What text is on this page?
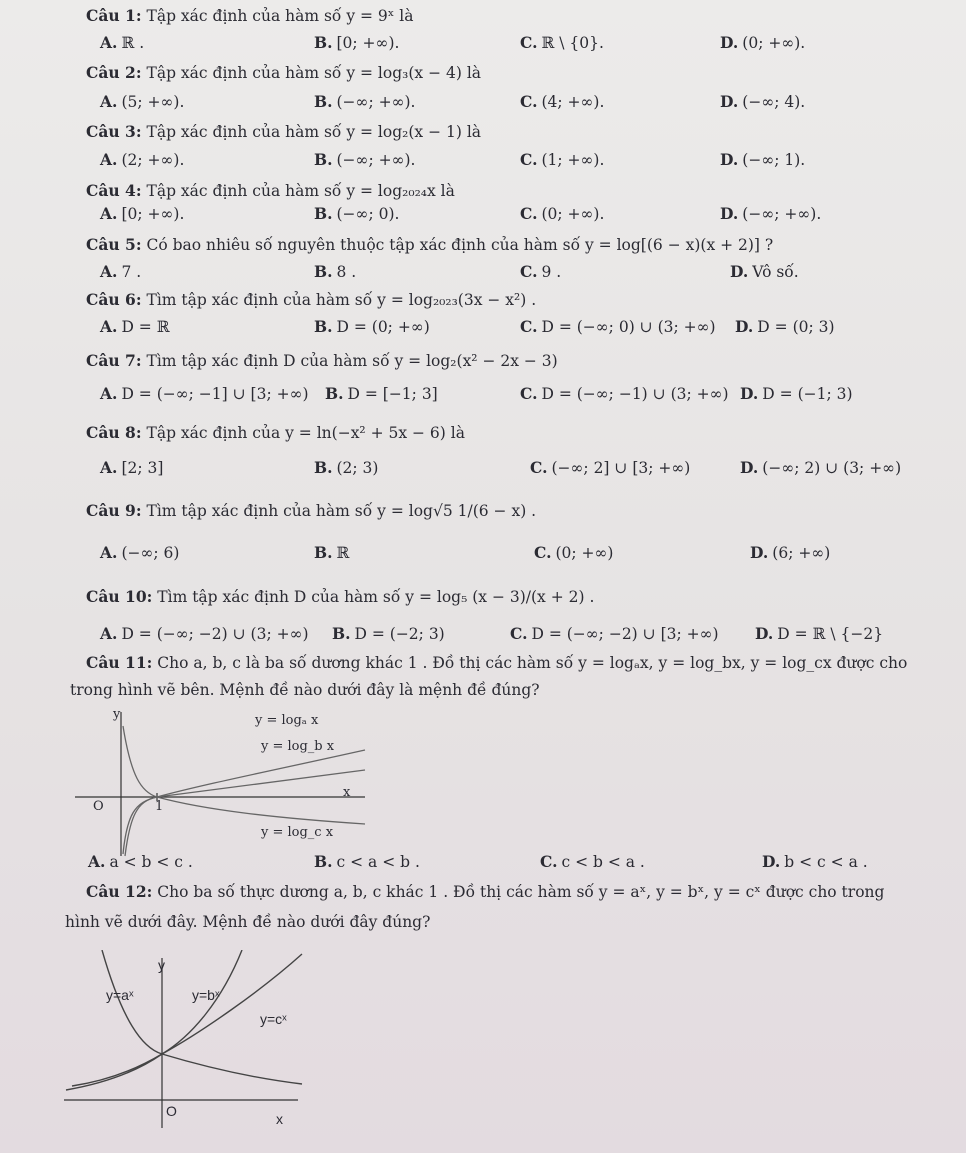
Câu 1: Tập xác định của hàm số y = 9ˣ là
A. ℝ .	B. [0; +∞).	C. ℝ \ {0}.	D. (0; +∞).
Câu 2: Tập xác định của hàm số y = log₃(x − 4) là
A. (5; +∞).	B. (−∞; +∞).	C. (4; +∞).	D. (−∞; 4).
Câu 3: Tập xác định của hàm số y = log₂(x − 1) là
A. (2; +∞).	B. (−∞; +∞).	C. (1; +∞).	D. (−∞; 1).
Câu 4: Tập xác định của hàm số y = log₂₀₂₄x là
A. [0; +∞).	B. (−∞; 0).	C. (0; +∞).	D. (−∞; +∞).
Câu 5: Có bao nhiêu số nguyên thuộc tập xác định của hàm số y = log[(6 − x)(x + 2)] ?
A. 7 .	B. 8 .	C. 9 .	D. Vô số.
Câu 6: Tìm tập xác định của hàm số y = log₂₀₂₃(3x − x²) .
A. D = ℝ	B. D = (0; +∞)	C. D = (−∞; 0) ∪ (3; +∞) D. D = (0; 3)
Câu 7: Tìm tập xác định D của hàm số y = log₂(x² − 2x − 3)
A. D = (−∞; −1] ∪ [3; +∞) B. D = [−1; 3]	C. D = (−∞; −1) ∪ (3; +∞) D. D = (−1; 3)
Câu 8: Tập xác định của y = ln(−x² + 5x − 6) là
A. [2; 3]	B. (2; 3)	C. (−∞; 2] ∪ [3; +∞)	D. (−∞; 2) ∪ (3; +∞)
Câu 9: Tìm tập xác định của hàm số y = log√5 1/(6 − x) .
A. (−∞; 6)	B. ℝ	C. (0; +∞)	D. (6; +∞)
Câu 10: Tìm tập xác định D của hàm số y = log₅ (x − 3)/(x + 2) .
A. D = (−∞; −2) ∪ (3; +∞) B. D = (−2; 3)	C. D = (−∞; −2) ∪ [3; +∞) D. D = ℝ \ {−2}
Câu 11: Cho a, b, c là ba số dương khác 1 . Đồ thị các hàm số y = logₐx, y = log_bx, y = log_cx được cho
trong hình vẽ bên. Mệnh đề nào dưới đây là mệnh đề đúng?
y
x
O	1
y = logₐ x
y = log_b x
y = log_c x
A. a < b < c .	B. c < a < b .	C. c < b < a .	D. b < c < a .
Câu 12: Cho ba số thực dương a, b, c khác 1 . Đồ thị các hàm số y = aˣ, y = bˣ, y = cˣ được cho trong
hình vẽ dưới đây. Mệnh đề nào dưới đây đúng?
y
x
O
y=aˣ	y=bˣ
y=cˣ
